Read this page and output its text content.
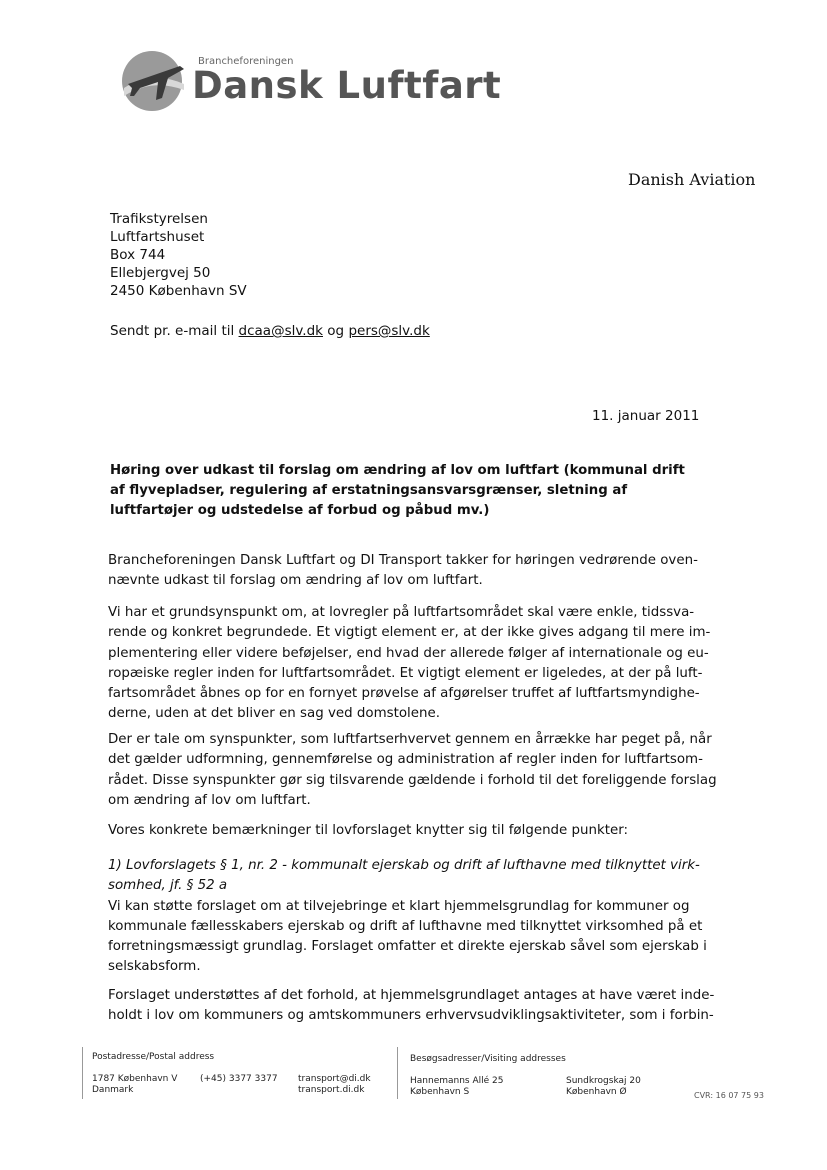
Brancheforeningen
Dansk Luftfart
Danish Aviation
Trafikstyrelsen
Luftfartshuset
Box 744
Ellebjergvej 50
2450 København SV
Sendt pr. e-mail til dcaa@slv.dk og pers@slv.dk
11. januar 2011
Høring over udkast til forslag om ændring af lov om luftfart (kommunal drift af flyvepladser, regulering af erstatningsansvarsgrænser, sletning af luftfartøjer og udstedelse af forbud og påbud mv.)
Brancheforeningen Dansk Luftfart og DI Transport takker for høringen vedrørende oven-
nævnte udkast til forslag om ændring af lov om luftfart.
Vi har et grundsynspunkt om, at lovregler på luftfartsområdet skal være enkle, tidssva-
rende og konkret begrundede. Et vigtigt element er, at der ikke gives adgang til mere im-
plementering eller videre beføjelser, end hvad der allerede følger af internationale og eu-
ropæiske regler inden for luftfartsområdet. Et vigtigt element er ligeledes, at der på luft-
fartsområdet åbnes op for en fornyet prøvelse af afgørelser truffet af luftfartsmyndighe-
derne, uden at det bliver en sag ved domstolene.
Der er tale om synspunkter, som luftfartserhvervet gennem en årrække har peget på, når
det gælder udformning, gennemførelse og administration af regler inden for luftfartsom-
rådet. Disse synspunkter gør sig tilsvarende gældende i forhold til det foreliggende forslag
om ændring af lov om luftfart.
Vores konkrete bemærkninger til lovforslaget knytter sig til følgende punkter:
1) Lovforslagets § 1, nr. 2 - kommunalt ejerskab og drift af lufthavne med tilknyttet virk-
somhed, jf. § 52 a
Vi kan støtte forslaget om at tilvejebringe et klart hjemmelsgrundlag for kommuner og
kommunale fællesskabers ejerskab og drift af lufthavne med tilknyttet virksomhed på et
forretningsmæssigt grundlag. Forslaget omfatter et direkte ejerskab såvel som ejerskab i
selskabsform.
Forslaget understøttes af det forhold, at hjemmelsgrundlaget antages at have været inde-
holdt i lov om kommuners og amtskommuners erhvervsudviklingsaktiviteter, som i forbin-
Postadresse/Postal address
1787 København V
Danmark
(+45) 3377 3377 transport@di.dk
transport.di.dk
Besøgsadresser/Visiting addresses
Hannemanns Allé 25
København S
Sundkrogskaj 20
København Ø	CVR: 16 07 75 93
